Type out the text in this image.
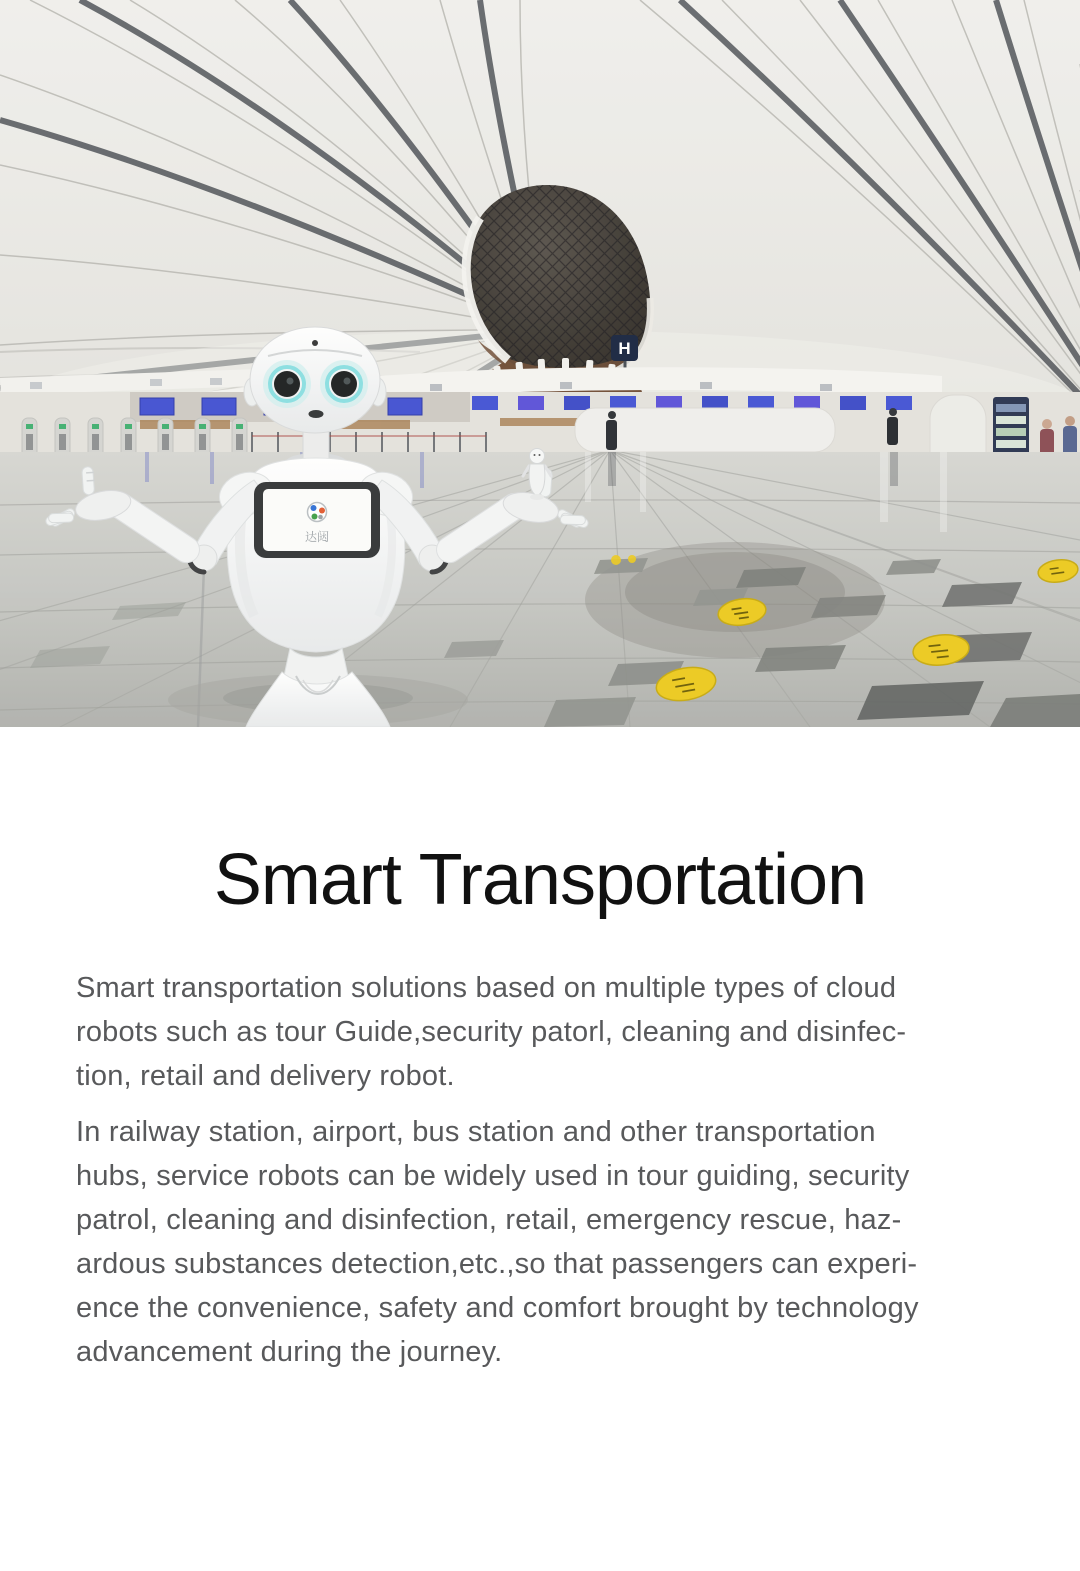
H
达闼
Smart Transportation

Smart transportation solutions based on multiple types of cloud
robots such as tour Guide,security patorl, cleaning and disinfec-
tion, retail and delivery robot.

In railway station, airport, bus station and other transportation
hubs, service robots can be widely used in tour guiding, security
patrol, cleaning and disinfection, retail, emergency rescue, haz-
ardous substances detection,etc.,so that passengers can experi-
ence the convenience, safety and comfort brought by technology
advancement during the journey.
